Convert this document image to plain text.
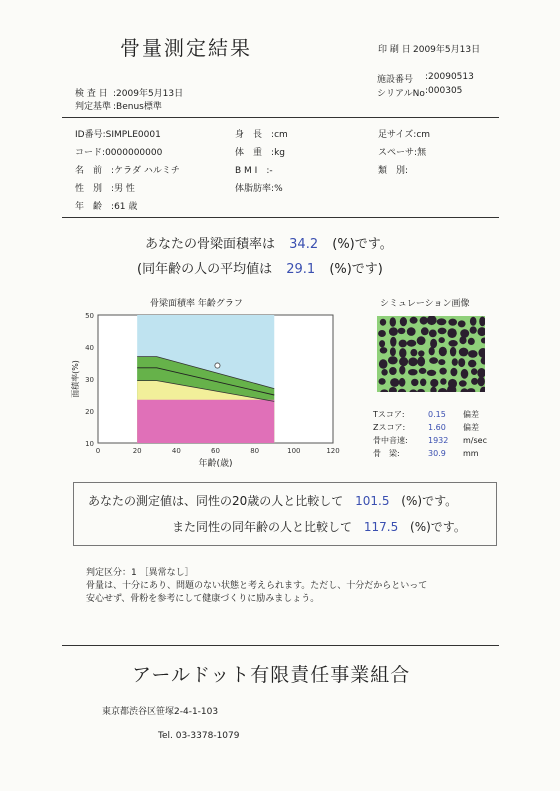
骨量測定結果	印 刷 日 2009年5月13日
施設番号 :20090513
シリアルNo :000305
検 査 日 :2009年5月13日
判定基準 :Benus標準
ID番号:SIMPLE0001
コード:0000000000
名　前　:ケラダ ハルミチ
性　別　:男 性
年　齢　:61 歳
身　長　:cm
体　重　:kg
B M I　:-
体脂肪率:%
足サイズ:cm
スペーサ:無
類　別:
あなたの骨梁面積率は 34.2 (%)です。
(同年齢の人の平均値は 29.1 (%)です)
骨梁面積率 年齢グラフ
10
20
30
40
50
0	20	40	60	80	100	120
年齢(歳)
面積率(%)
シミュレーション画像
Tスコア:	0.15	偏差
Zスコア:	1.60	偏差
骨中音速:	1932	m/sec
骨　梁:	30.9	mm
あなたの測定値は、同性の20歳の人と比較して 101.5 (%)です。
また同性の同年齢の人と比較して 117.5 (%)です。
判定区分：1 ［異常なし］
骨量は、十分にあり、問題のない状態と考えられます。ただし、十分だからといって
安心せず、骨粉を参考にして健康づくりに励みましょう。
アールドット有限責任事業組合
東京都渋谷区笹塚2-4-1-103
Tel. 03-3378-1079
